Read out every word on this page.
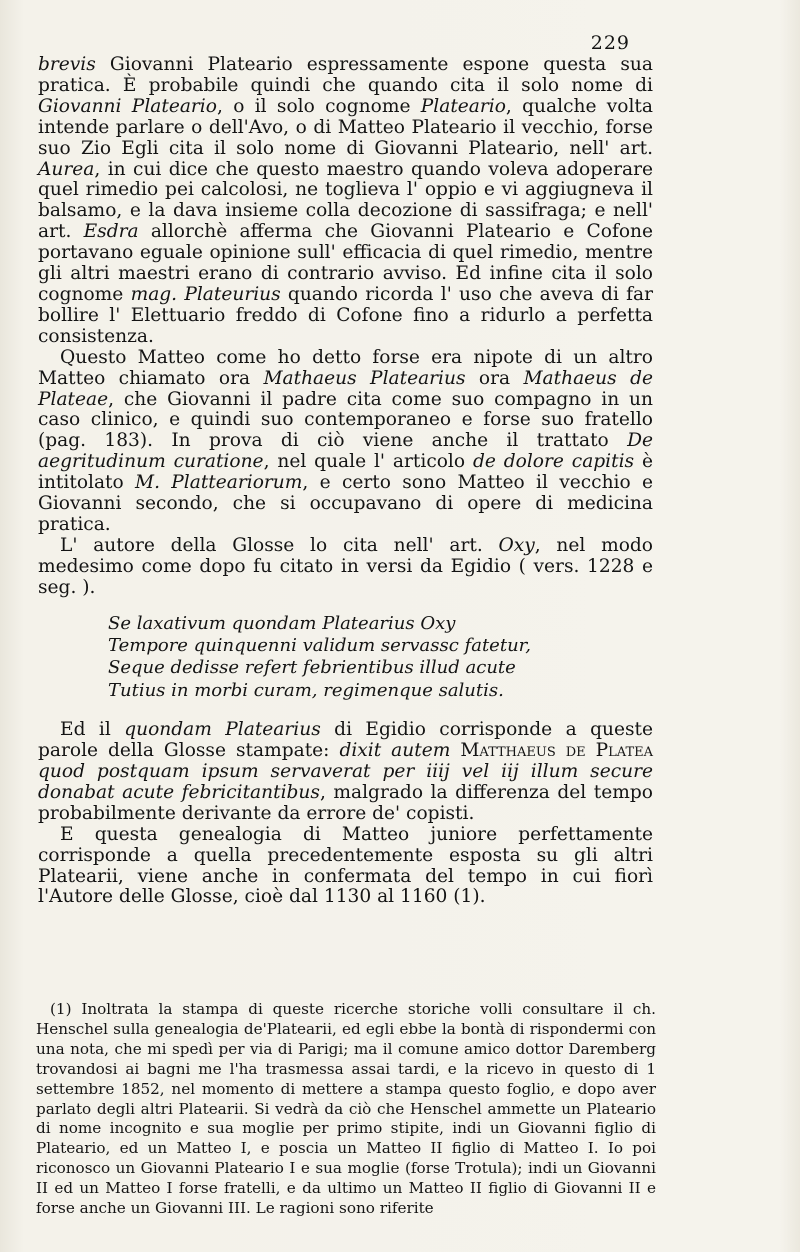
229

brevis Giovanni Plateario espressamente espone questa sua pratica. È probabile quindi che quando cita il solo nome di Giovanni Plateario, o il solo cognome Plateario, qualche volta intende parlare o dell'Avo, o di Matteo Plateario il vecchio, forse suo Zio Egli cita il solo nome di Giovanni Plateario, nell' art. Aurea, in cui dice che questo maestro quando voleva adoperare quel rimedio pei calcolosi, ne toglieva l' oppio e vi aggiugneva il balsamo, e la dava insieme colla decozione di sassifraga; e nell' art. Esdra allorchè afferma che Giovanni Plateario e Cofone portavano eguale opinione sull' efficacia di quel rimedio, mentre gli altri maestri erano di contrario avviso. Ed infine cita il solo cognome mag. Plateurius quando ricorda l' uso che aveva di far bollire l' Elettuario freddo di Cofone fino a ridurlo a perfetta consistenza.

Questo Matteo come ho detto forse era nipote di un altro Matteo chiamato ora Mathaeus Platearius ora Mathaeus de Plateae, che Giovanni il padre cita come suo compagno in un caso clinico, e quindi suo contemporaneo e forse suo fratello (pag. 183). In prova di ciò viene anche il trattato De aegritudinum curatione, nel quale l' articolo de dolore capitis è intitolato M. Platteariorum, e certo sono Matteo il vecchio e Giovanni secondo, che si occupavano di opere di medicina pratica.

L' autore della Glosse lo cita nell' art. Oxy, nel modo medesimo come dopo fu citato in versi da Egidio ( vers. 1228 e seg. ).

Se laxativum quondam Platearius Oxy
Tempore quinquenni validum servassc fatetur,
Seque dedisse refert febrientibus illud acute
Tutius in morbi curam, regimenque salutis.

Ed il quondam Platearius di Egidio corrisponde a queste parole della Glosse stampate: dixit autem Matthaeus de Platea quod postquam ipsum servaverat per iiij vel iij illum secure donabat acute febricitantibus, malgrado la differenza del tempo probabilmente derivante da errore de' copisti.

E questa genealogia di Matteo juniore perfettamente corrisponde a quella precedentemente esposta su gli altri Platearii, viene anche in confermata del tempo in cui fiorì l'Autore delle Glosse, cioè dal 1130 al 1160 (1).

(1) Inoltrata la stampa di queste ricerche storiche volli consultare il ch. Henschel sulla genealogia de'Platearii, ed egli ebbe la bontà di rispondermi con una nota, che mi spedì per via di Parigi; ma il comune amico dottor Daremberg trovandosi ai bagni me l'ha trasmessa assai tardi, e la ricevo in questo di 1 settembre 1852, nel momento di mettere a stampa questo foglio, e dopo aver parlato degli altri Platearii. Si vedrà da ciò che Henschel ammette un Plateario di nome incognito e sua moglie per primo stipite, indi un Giovanni figlio di Plateario, ed un Matteo I, e poscia un Matteo II figlio di Matteo I. Io poi riconosco un Giovanni Plateario I e sua moglie (forse Trotula); indi un Giovanni II ed un Matteo I forse fratelli, e da ultimo un Matteo II figlio di Giovanni II e forse anche un Giovanni III. Le ragioni sono riferite
